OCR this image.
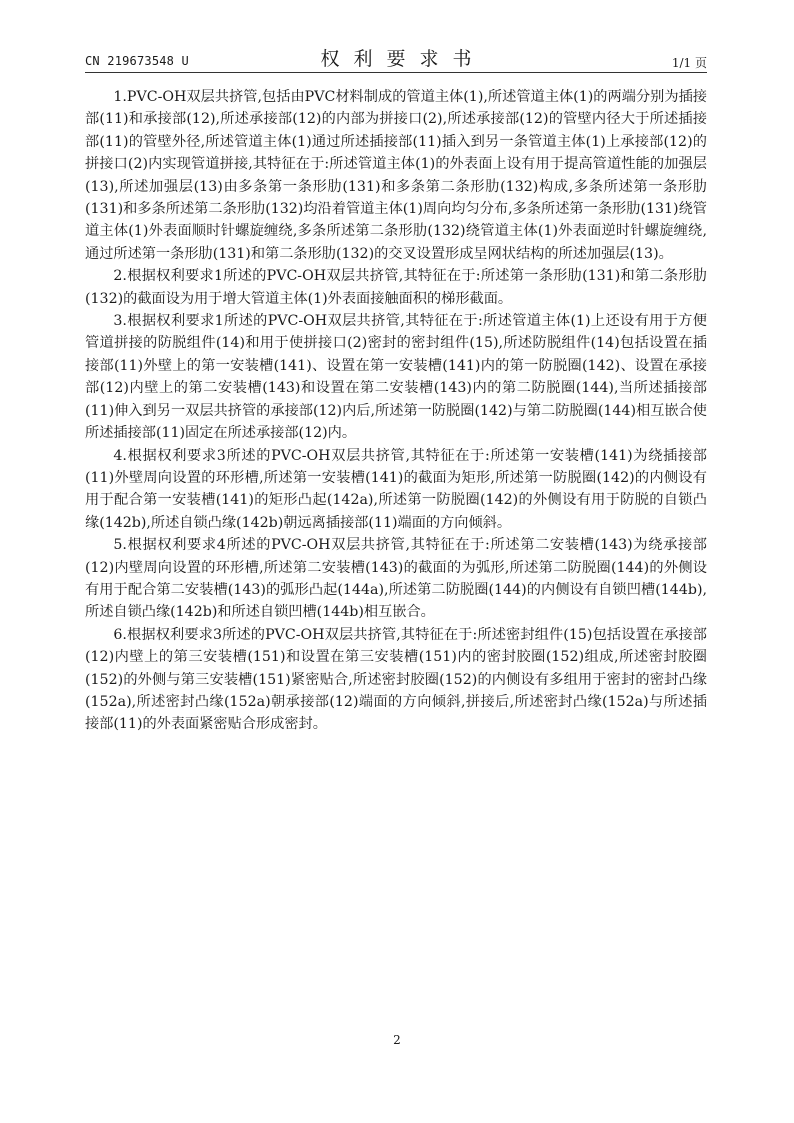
CN 219673548 U	权利要求书	1/1 页

1.PVC-OH双层共挤管,包括由PVC材料制成的管道主体(1),所述管道主体(1)的两端分别为插接部(11)和承接部(12),所述承接部(12)的内部为拼接口(2),所述承接部(12)的管壁内径大于所述插接部(11)的管壁外径,所述管道主体(1)通过所述插接部(11)插入到另一条管道主体(1)上承接部(12)的拼接口(2)内实现管道拼接,其特征在于:所述管道主体(1)的外表面上设有用于提高管道性能的加强层(13),所述加强层(13)由多条第一条形肋(131)和多条第二条形肋(132)构成,多条所述第一条形肋(131)和多条所述第二条形肋(132)均沿着管道主体(1)周向均匀分布,多条所述第一条形肋(131)绕管道主体(1)外表面顺时针螺旋缠绕,多条所述第二条形肋(132)绕管道主体(1)外表面逆时针螺旋缠绕,通过所述第一条形肋(131)和第二条形肋(132)的交叉设置形成呈网状结构的所述加强层(13)。

2.根据权利要求1所述的PVC-OH双层共挤管,其特征在于:所述第一条形肋(131)和第二条形肋(132)的截面设为用于增大管道主体(1)外表面接触面积的梯形截面。

3.根据权利要求1所述的PVC-OH双层共挤管,其特征在于:所述管道主体(1)上还设有用于方便管道拼接的防脱组件(14)和用于使拼接口(2)密封的密封组件(15),所述防脱组件(14)包括设置在插接部(11)外壁上的第一安装槽(141)、设置在第一安装槽(141)内的第一防脱圈(142)、设置在承接部(12)内壁上的第二安装槽(143)和设置在第二安装槽(143)内的第二防脱圈(144),当所述插接部(11)伸入到另一双层共挤管的承接部(12)内后,所述第一防脱圈(142)与第二防脱圈(144)相互嵌合使所述插接部(11)固定在所述承接部(12)内。

4.根据权利要求3所述的PVC-OH双层共挤管,其特征在于:所述第一安装槽(141)为绕插接部(11)外壁周向设置的环形槽,所述第一安装槽(141)的截面为矩形,所述第一防脱圈(142)的内侧设有用于配合第一安装槽(141)的矩形凸起(142a),所述第一防脱圈(142)的外侧设有用于防脱的自锁凸缘(142b),所述自锁凸缘(142b)朝远离插接部(11)端面的方向倾斜。

5.根据权利要求4所述的PVC-OH双层共挤管,其特征在于:所述第二安装槽(143)为绕承接部(12)内壁周向设置的环形槽,所述第二安装槽(143)的截面的为弧形,所述第二防脱圈(144)的外侧设有用于配合第二安装槽(143)的弧形凸起(144a),所述第二防脱圈(144)的内侧设有自锁凹槽(144b),所述自锁凸缘(142b)和所述自锁凹槽(144b)相互嵌合。

6.根据权利要求3所述的PVC-OH双层共挤管,其特征在于:所述密封组件(15)包括设置在承接部(12)内壁上的第三安装槽(151)和设置在第三安装槽(151)内的密封胶圈(152)组成,所述密封胶圈(152)的外侧与第三安装槽(151)紧密贴合,所述密封胶圈(152)的内侧设有多组用于密封的密封凸缘(152a),所述密封凸缘(152a)朝承接部(12)端面的方向倾斜,拼接后,所述密封凸缘(152a)与所述插接部(11)的外表面紧密贴合形成密封。

2
